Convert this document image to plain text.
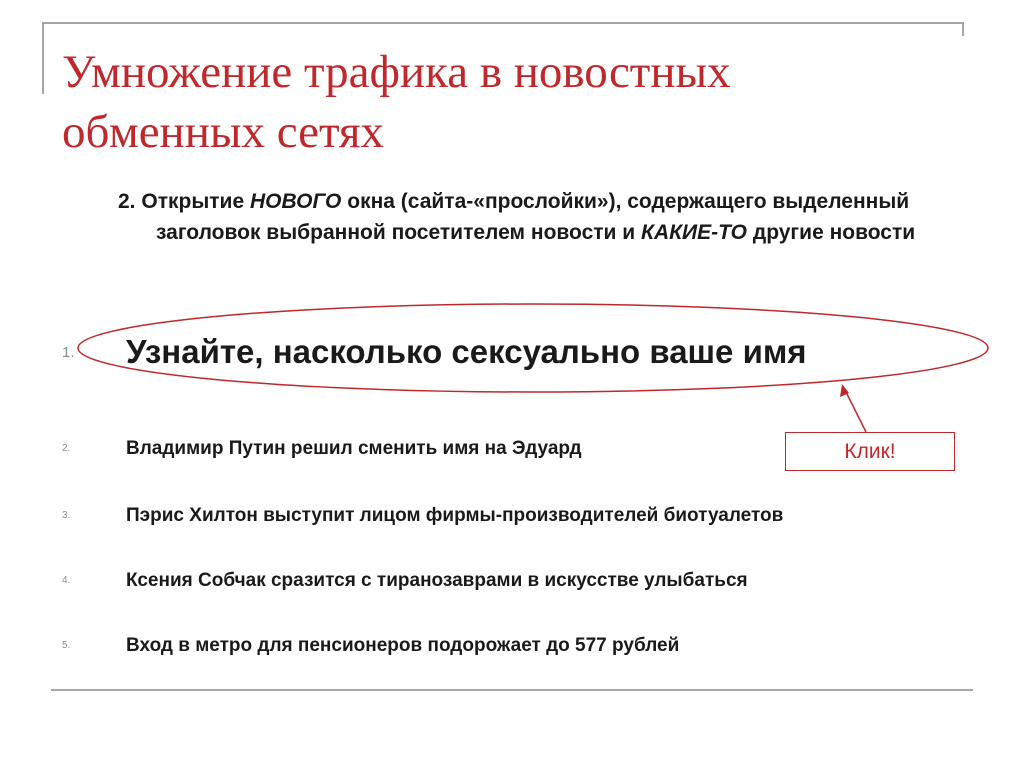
Умножение трафика в новостных обменных сетях
2. Открытие НОВОГО окна (сайта-«прослойки»), содержащего выделенный заголовок выбранной посетителем новости и КАКИЕ-ТО другие новости
1. Узнайте, насколько сексуально ваше имя
2.	Владимир Путин решил сменить имя на Эдуард
3.	Пэрис Хилтон выступит лицом фирмы-производителей биотуалетов
4.	Ксения Собчак сразится с тиранозаврами в искусстве улыбаться
5.	Вход в метро для пенсионеров подорожает до 577 рублей
Клик!
